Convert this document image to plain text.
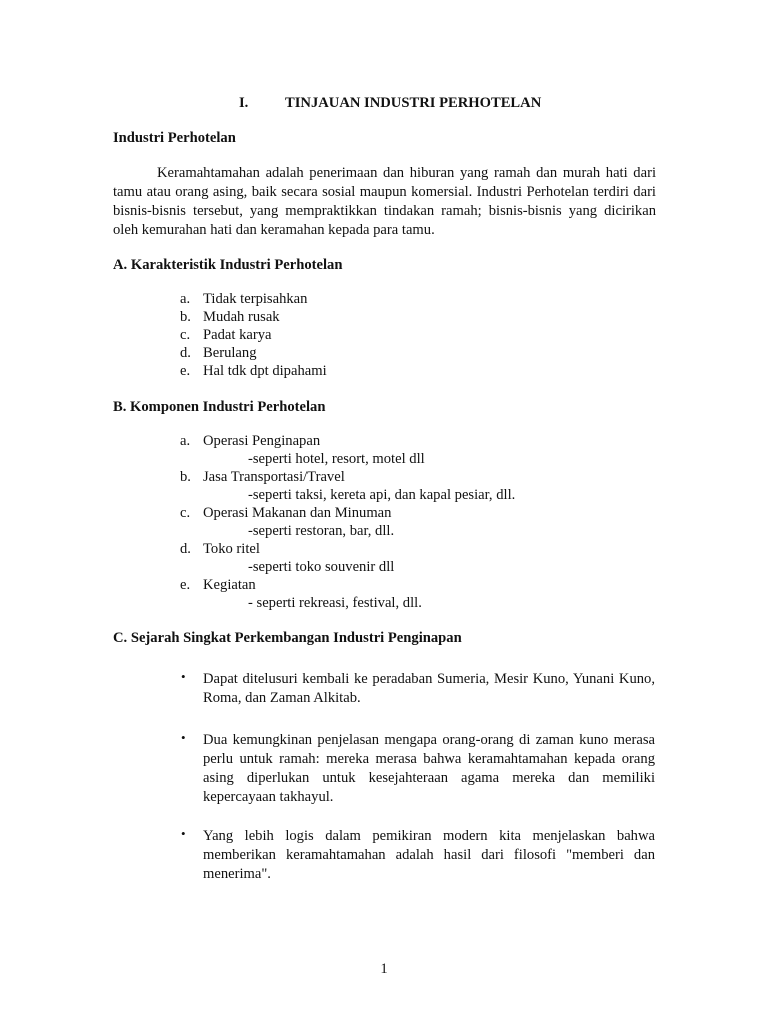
I.	TINJAUAN INDUSTRI PERHOTELAN
Industri Perhotelan
Keramahtamahan adalah penerimaan dan hiburan yang ramah dan murah hati dari tamu atau orang asing, baik secara sosial maupun komersial. Industri Perhotelan terdiri dari bisnis-bisnis tersebut, yang mempraktikkan tindakan ramah; bisnis-bisnis yang dicirikan oleh kemurahan hati dan keramahan kepada para tamu.
A. Karakteristik Industri Perhotelan
a. Tidak terpisahkan
b. Mudah rusak
c. Padat karya
d. Berulang
e. Hal tdk dpt dipahami
B. Komponen Industri Perhotelan
a. Operasi Penginapan
-seperti hotel, resort, motel dll
b. Jasa Transportasi/Travel
-seperti taksi, kereta api, dan kapal pesiar, dll.
c. Operasi Makanan dan Minuman
-seperti restoran, bar, dll.
d. Toko ritel
-seperti toko souvenir dll
e. Kegiatan
- seperti rekreasi, festival, dll.
C. Sejarah Singkat Perkembangan Industri Penginapan
• Dapat ditelusuri kembali ke peradaban Sumeria, Mesir Kuno, Yunani Kuno, Roma, dan Zaman Alkitab.
• Dua kemungkinan penjelasan mengapa orang-orang di zaman kuno merasa perlu untuk ramah: mereka merasa bahwa keramahtamahan kepada orang asing diperlukan untuk kesejahteraan agama mereka dan memiliki kepercayaan takhayul.
• Yang lebih logis dalam pemikiran modern kita menjelaskan bahwa memberikan keramahtamahan adalah hasil dari filosofi "memberi dan menerima".
1
